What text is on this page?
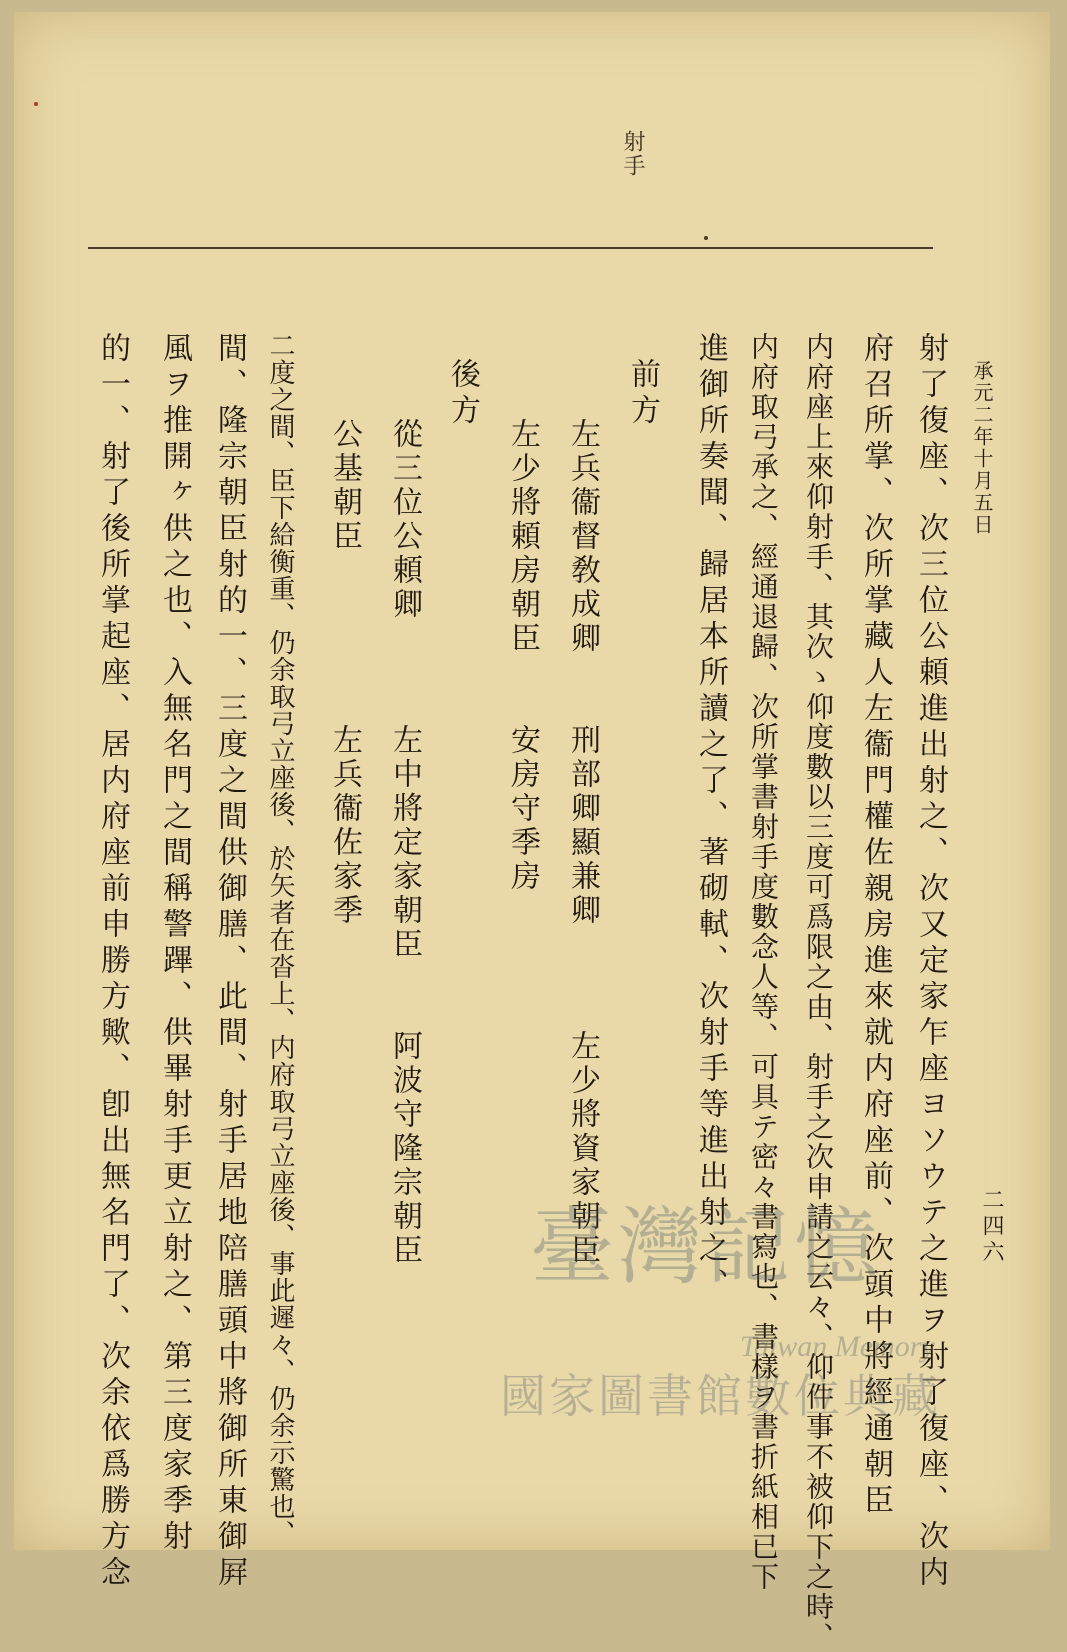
射手
承元二年十月五日
二四六
射了復座、次三位公頼進出射之、次又定家乍座ヨソウテ之進ヲ射了復座、次内
府召所掌、次所掌藏人左衞門權佐親房進來就内府座前、次頭中將經通朝臣
内府座上來仰射手、其次ゝ仰度數以三度可爲限之由、射手之次申請之云々、仰件事不被仰下之時、
内府取弓承之、經通退歸、次所掌書射手度數念人等、可具テ密々書寫也、書樣ヲ書折紙相已下
進御所奏聞、歸居本所讀之了、著砌軾、次射手等進出射之、
前方
左兵衞督敎成卿　　刑部卿顯兼卿　　　左少將資家朝臣
左少將頼房朝臣　　安房守季房
後方
從三位公頼卿　　　左中將定家朝臣　　阿波守隆宗朝臣
公基朝臣　　　　　左兵衞佐家季
二度之間、臣下給衡重、仍余取弓立座後、於矢者在沓上、内府取弓立座後、事此遲々、仍余示驚也、
間、隆宗朝臣射的一、三度之間供御膳、此間、射手居地陪膳頭中將御所東御屛
風ヲ推開ヶ供之也、入無名門之間稱警蹕、供畢射手更立射之、第三度家季射
的一、射了後所掌起座、居内府座前申勝方歟、卽出無名門了、次余依爲勝方念	臺灣記憶
Taiwan Memory
國家圖書館數位典藏
